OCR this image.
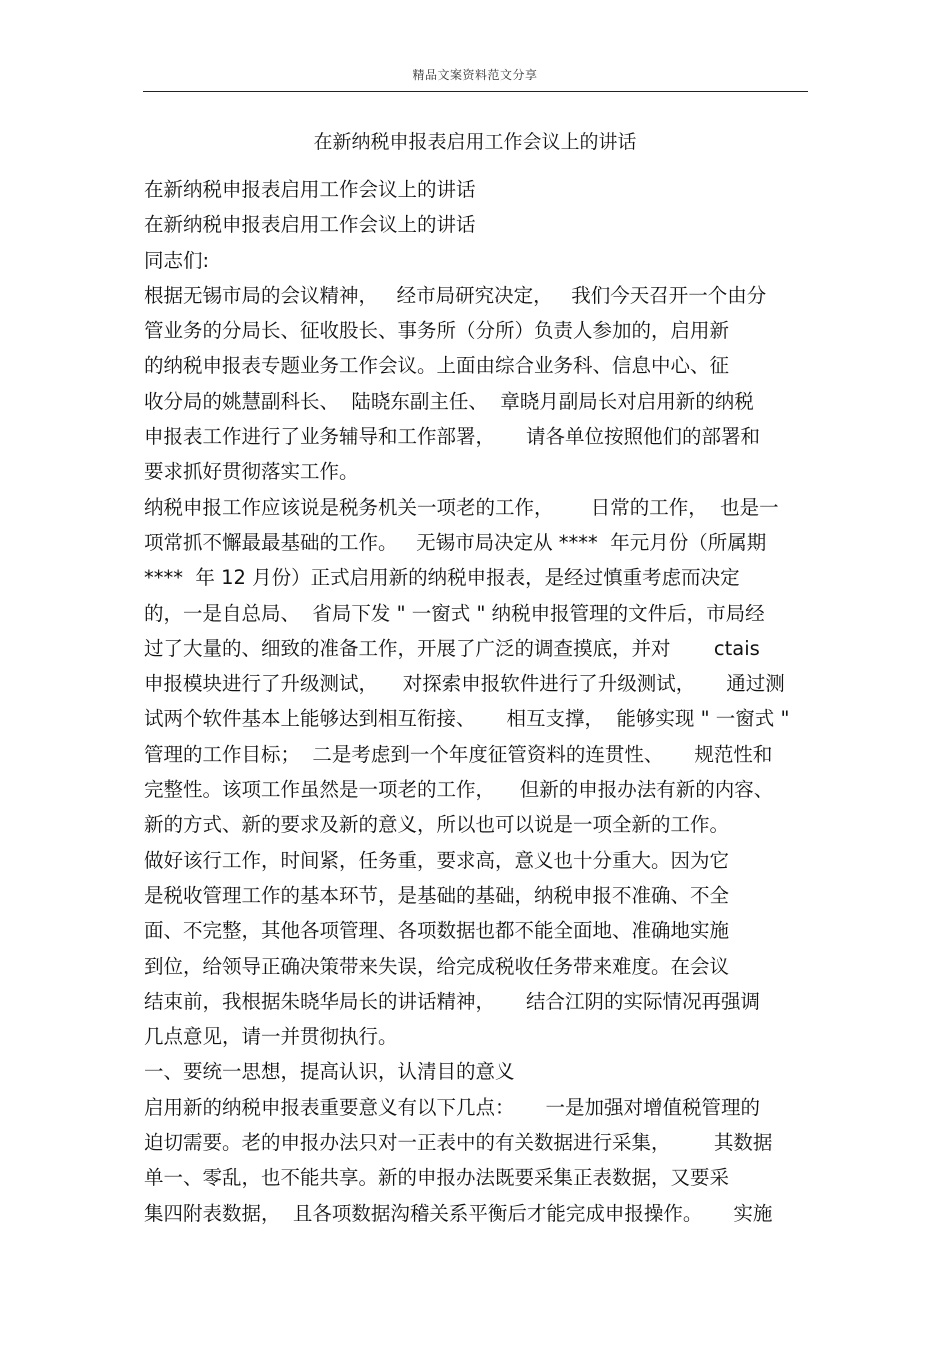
精品文案资料范文分享
在新纳税申报表启用工作会议上的讲话
在新纳税申报表启用工作会议上的讲话
在新纳税申报表启用工作会议上的讲话
同志们:
根据无锡市局的会议精神，   经市局研究决定，   我们今天召开一个由分
管业务的分局长、征收股长、事务所（分所）负责人参加的，启用新
的纳税申报表专题业务工作会议。上面由综合业务科、信息中心、征
收分局的姚慧副科长、  陆晓东副主任、  章晓月副局长对启用新的纳税
申报表工作进行了业务辅导和工作部署，     请各单位按照他们的部署和
要求抓好贯彻落实工作。
纳税申报工作应该说是税务机关一项老的工作，      日常的工作，  也是一
项常抓不懈最最基础的工作。   无锡市局决定从 ****  年元月份（所属期
****  年 12 月份）正式启用新的纳税申报表，是经过慎重考虑而决定
的，一是自总局、  省局下发 " 一窗式 " 纳税申报管理的文件后，市局经
过了大量的、细致的准备工作，开展了广泛的调查摸底，并对       ctais
申报模块进行了升级测试，    对探索申报软件进行了升级测试，     通过测
试两个软件基本上能够达到相互衔接、     相互支撑，  能够实现 " 一窗式 "
管理的工作目标；  二是考虑到一个年度征管资料的连贯性、     规范性和
完整性。该项工作虽然是一项老的工作，    但新的申报办法有新的内容、
新的方式、新的要求及新的意义，所以也可以说是一项全新的工作。
做好该行工作，时间紧，任务重，要求高，意义也十分重大。因为它
是税收管理工作的基本环节，是基础的基础，纳税申报不准确、不全
面、不完整，其他各项管理、各项数据也都不能全面地、准确地实施
到位，给领导正确决策带来失误，给完成税收任务带来难度。在会议
结束前，我根据朱晓华局长的讲话精神，     结合江阴的实际情况再强调
几点意见，请一并贯彻执行。
一、要统一思想，提高认识，认清目的意义
启用新的纳税申报表重要意义有以下几点：     一是加强对增值税管理的
迫切需要。老的申报办法只对一正表中的有关数据进行采集，       其数据
单一、零乱，也不能共享。新的申报办法既要采集正表数据，又要采
集四附表数据，  且各项数据沟稽关系平衡后才能完成申报操作。     实施
